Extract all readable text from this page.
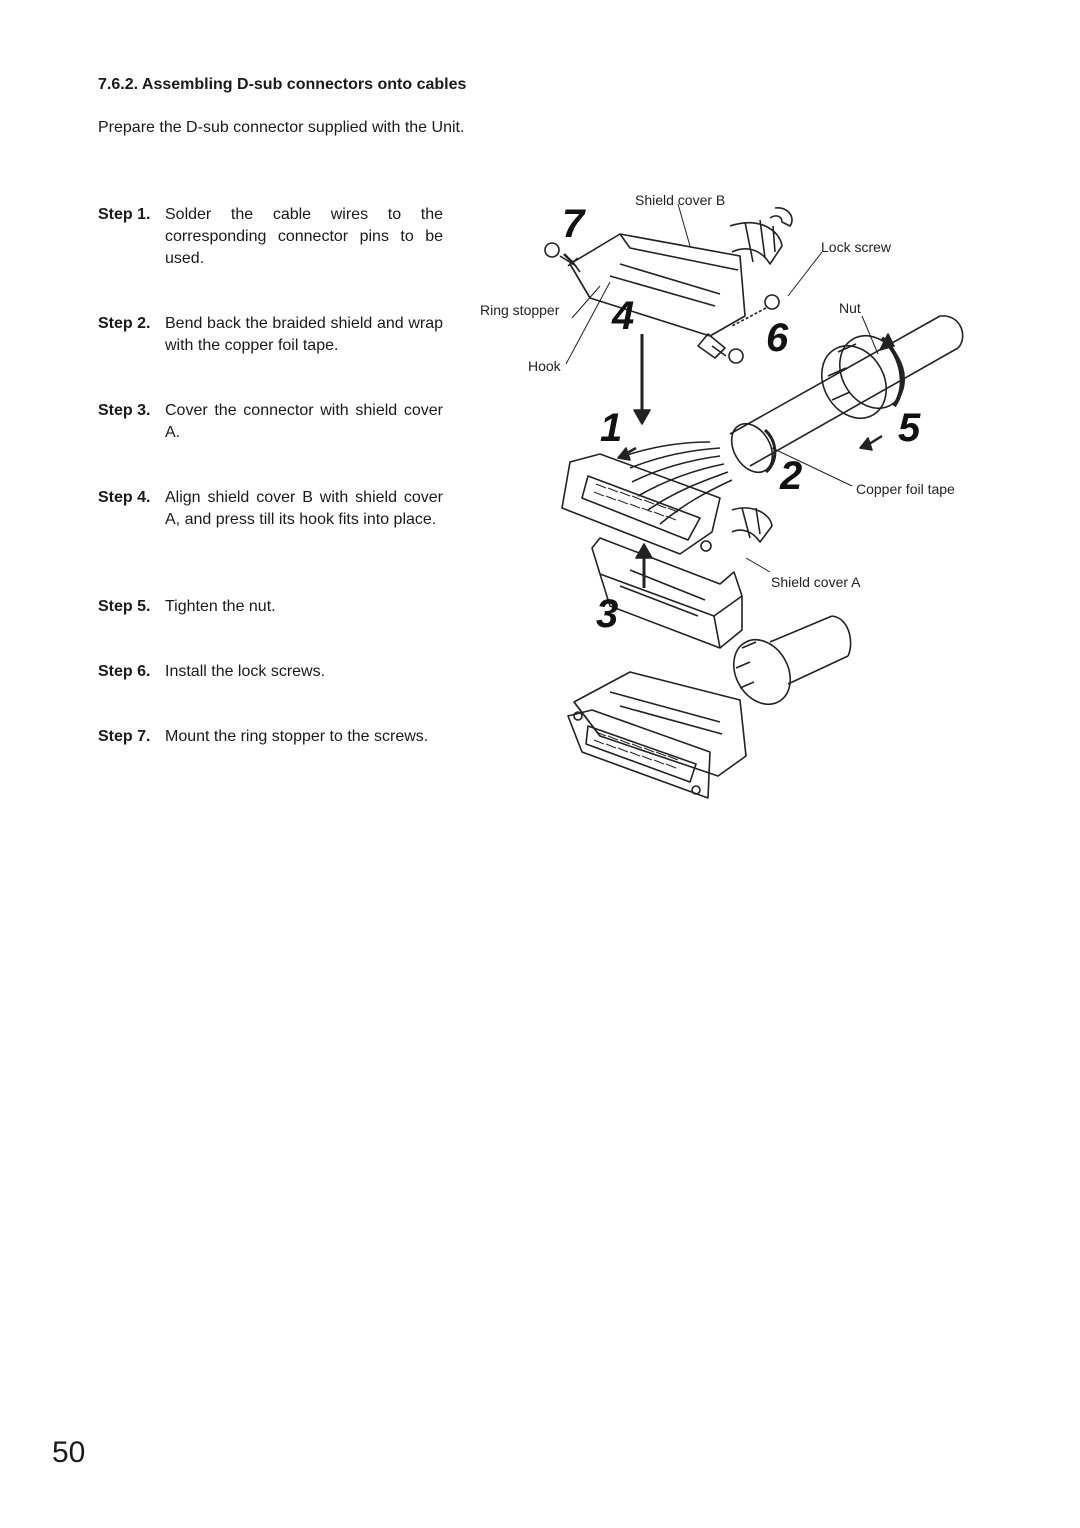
7.6.2. Assembling D-sub connectors onto cables

Prepare the D-sub connector supplied with the Unit.

Step 1. Solder the cable wires to the corresponding connector pins to be used.
Step 2. Bend back the braided shield and wrap with the copper foil tape.
Step 3. Cover the connector with shield cover A.
Step 4. Align shield cover B with shield cover A, and press till its hook fits into place.
Step 5. Tighten the nut.
Step 6. Install the lock screws.
Step 7. Mount the ring stopper to the screws.
Shield cover B
Lock screw
Ring stopper	Nut
Hook
Copper foil tape
Shield cover A
1
2
3
4
5
6
7

50
